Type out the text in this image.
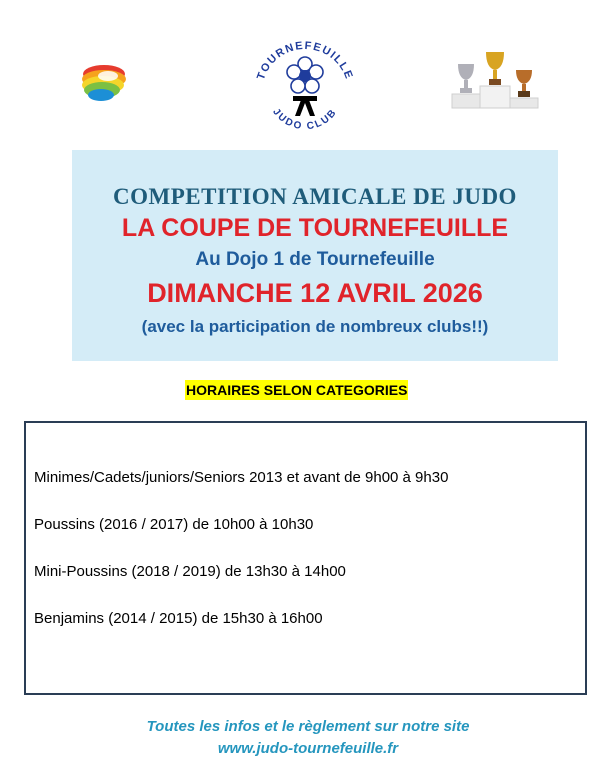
TOURNEFEUILLE
JUDO CLUB
COMPETITION AMICALE DE JUDO
LA COUPE DE TOURNEFEUILLE
Au Dojo 1 de Tournefeuille
DIMANCHE 12 AVRIL 2026
(avec la participation de nombreux clubs!!)
HORAIRES SELON CATEGORIES
Minimes/Cadets/juniors/Seniors 2013 et avant de 9h00 à 9h30
Poussins (2016 / 2017) de 10h00 à 10h30
Mini-Poussins (2018 / 2019) de 13h30 à 14h00
Benjamins (2014 / 2015) de 15h30 à 16h00
Toutes les infos et le règlement sur notre site
www.judo-tournefeuille.fr
